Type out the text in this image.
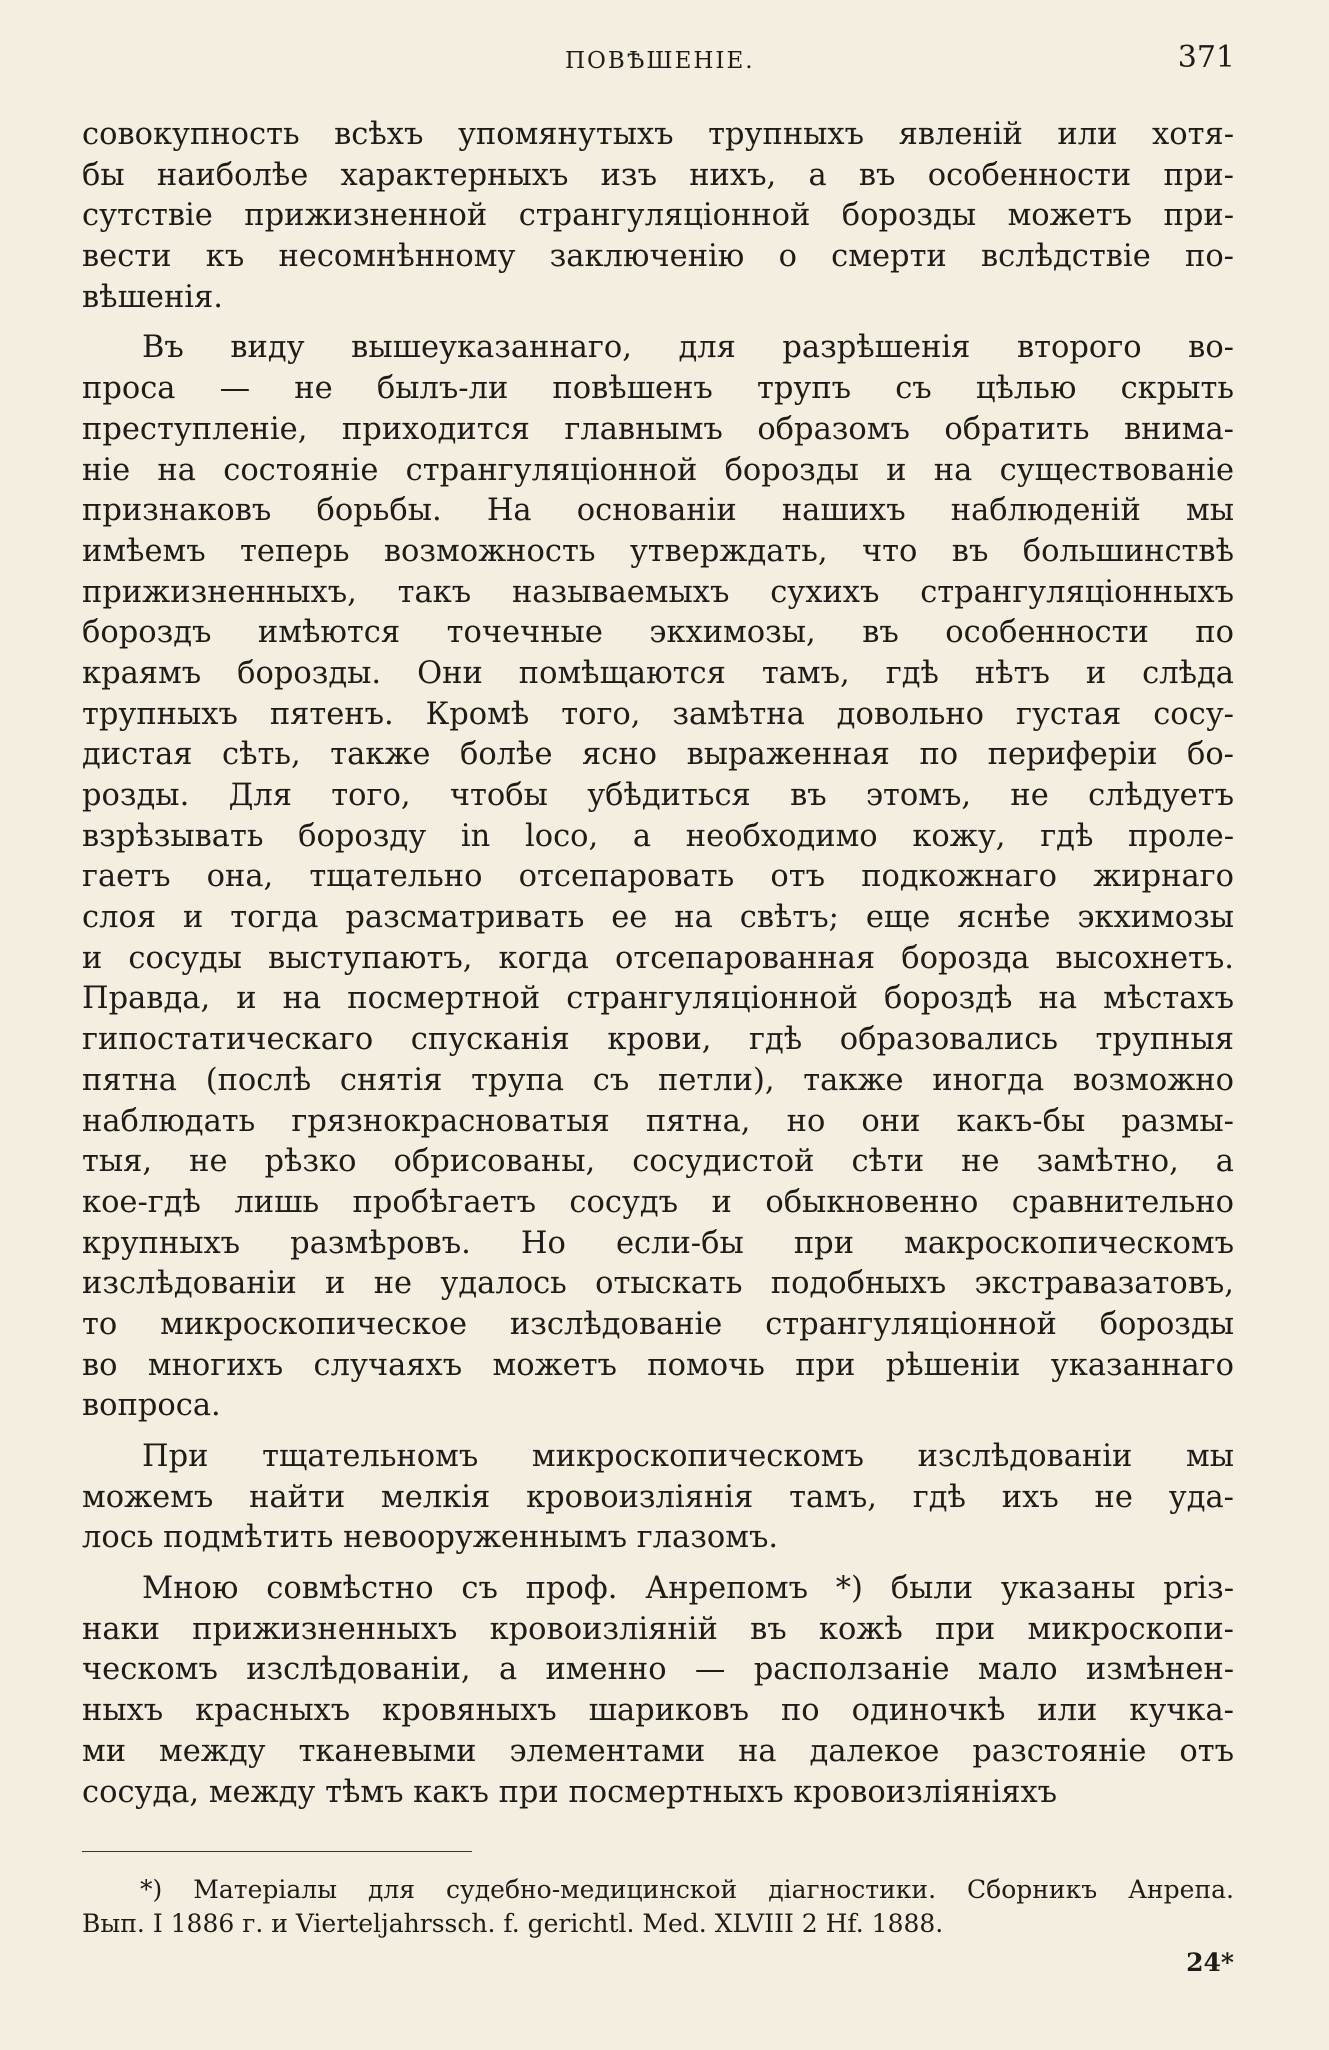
ПОВѢШЕНІЕ.	371
совокупность всѣхъ упомянутыхъ трупныхъ явленій или хотя-
бы наиболѣе характерныхъ изъ нихъ, а въ особенности при-
сутствіе прижизненной странгуляціонной борозды можетъ при-
вести къ несомнѣнному заключенію о смерти вслѣдствіе по-
вѣшенія.
Въ виду вышеуказаннаго, для разрѣшенія второго во-
проса — не былъ-ли повѣшенъ трупъ съ цѣлью скрыть
преступленіе, приходится главнымъ образомъ обратить внима-
ніе на состояніе странгуляціонной борозды и на существованіе
признаковъ борьбы. На основаніи нашихъ наблюденій мы
имѣемъ теперь возможность утверждать, что въ большинствѣ
прижизненныхъ, такъ называемыхъ сухихъ странгуляціонныхъ
бороздъ имѣются точечные экхимозы, въ особенности по
краямъ борозды. Они помѣщаются тамъ, гдѣ нѣтъ и слѣда
трупныхъ пятенъ. Кромѣ того, замѣтна довольно густая сосу-
дистая сѣть, также болѣе ясно выраженная по периферіи бо-
розды. Для того, чтобы убѣдиться въ этомъ, не слѣдуетъ
взрѣзывать борозду in loco, а необходимо кожу, гдѣ проле-
гаетъ она, тщательно отсепаровать отъ подкожнаго жирнаго
слоя и тогда разсматривать ее на свѣтъ; еще яснѣе экхимозы
и сосуды выступаютъ, когда отсепарованная борозда высохнетъ.
Правда, и на посмертной странгуляціонной бороздѣ на мѣстахъ
гипостатическаго спусканія крови, гдѣ образовались трупныя
пятна (послѣ снятія трупа съ петли), также иногда возможно
наблюдать грязнокрасноватыя пятна, но они какъ-бы размы-
тыя, не рѣзко обрисованы, сосудистой сѣти не замѣтно, а
кое-гдѣ лишь пробѣгаетъ сосудъ и обыкновенно сравнительно
крупныхъ размѣровъ. Но если-бы при макроскопическомъ
изслѣдованіи и не удалось отыскать подобныхъ экстравазатовъ,
то микроскопическое изслѣдованіе странгуляціонной борозды
во многихъ случаяхъ можетъ помочь при рѣшеніи указаннаго
вопроса.
При тщательномъ микроскопическомъ изслѣдованіи мы
можемъ найти мелкія кровоизліянія тамъ, гдѣ ихъ не уда-
лось подмѣтить невооруженнымъ глазомъ.
Мною совмѣстно съ проф. Анрепомъ *) были указаны priз-
наки прижизненныхъ кровоизліяній въ кожѣ при микроскопи-
ческомъ изслѣдованіи, а именно — расползаніе мало измѣнен-
ныхъ красныхъ кровяныхъ шариковъ по одиночкѣ или кучка-
ми между тканевыми элементами на далекое разстояніе отъ
сосуда, между тѣмъ какъ при посмертныхъ кровоизліяніяхъ
*) Матеріалы для судебно-медицинской діагностики. Сборникъ Анрепа.
Вып. I 1886 г. и Vierteljahrssch. f. gerichtl. Med. XLVIII 2 Hf. 1888.
24*
